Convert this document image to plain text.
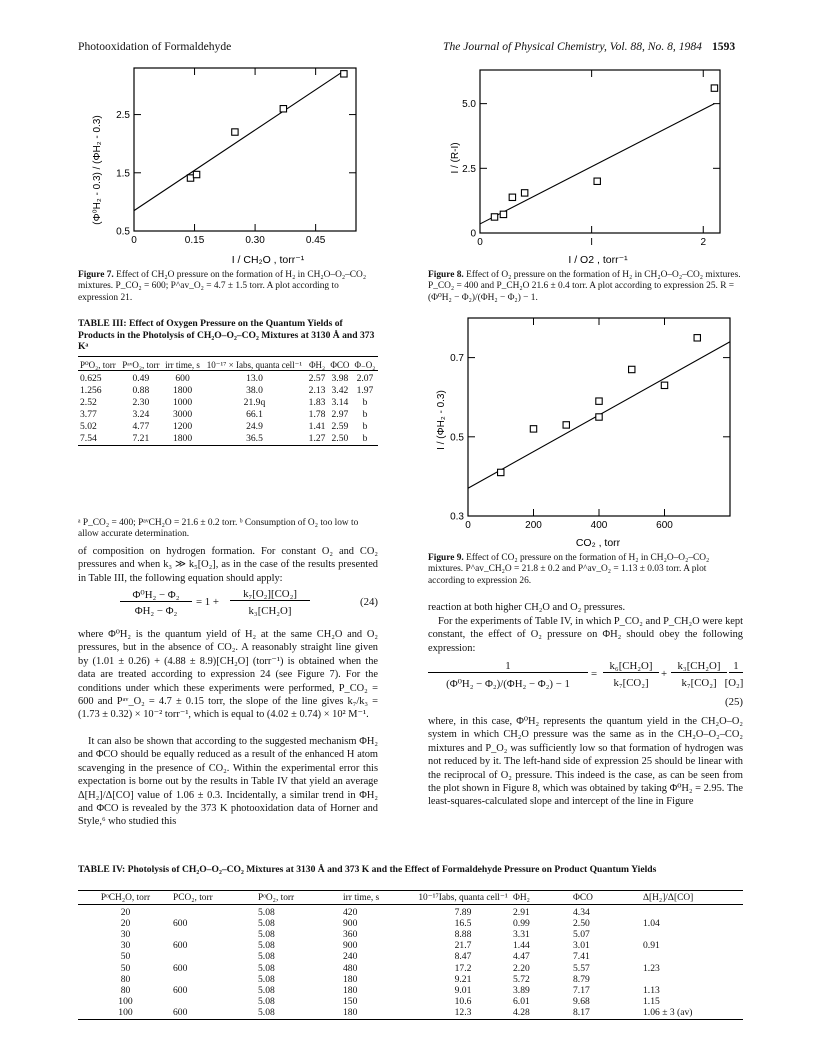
Photooxidation of Formaldehyde	The Journal of Physical Chemistry, Vol. 88, No. 8, 1984 1593
0	0.15	0.30	0.45
0.5
1.5
2.5
I / CH₂O , torr⁻¹
(Φ⁰H₂ - 0.3) / (ΦH₂ - 0.3)
Figure 7. Effect of CH₂O pressure on the formation of H₂ in CH₂O–O₂–CO₂ mixtures. P_CO₂ = 600; P^av_O₂ = 4.7 ± 1.5 torr. A plot according to expression 21.
0	I	2
0
2.5
5.0
I / O2 , torr⁻¹
I / (R-I)
Figure 8. Effect of O₂ pressure on the formation of H₂ in CH₂O–O₂–CO₂ mixtures. P_CO₂ = 400 and P_CH₂O 21.6 ± 0.4 torr. A plot according to expression 25. R = (Φ⁰H₂ − Φ₂)/(ΦH₂ − Φ₂) − 1.
0	200	400	600
0.3
0.5
0.7
CO₂ , torr
I / (ΦH₂ - 0.3)
Figure 9. Effect of CO₂ pressure on the formation of H₂ in CH₂O–O₂–CO₂ mixtures. P^av_CH₂O = 21.8 ± 0.2 and P^av_O₂ = 1.13 ± 0.03 torr. A plot according to expression 26.
TABLE III: Effect of Oxygen Pressure on the Quantum Yields of Products in the Photolysis of CH₂O–O₂–CO₂ Mixtures at 3130 Å and 373 Kᵃ
P⁰O₂, torr	PᵃᵛO₂, torr	irr time, s	10⁻¹⁷ × Iabs, quanta cell⁻¹	ΦH₂	ΦCO	Φ₋O₂
0.625	0.49	600	13.0	2.57	3.98	2.07
1.256	0.88	1800	38.0	2.13	3.42	1.97
2.52	2.30	1000	21.9q	1.83	3.14	b
3.77	3.24	3000	66.1	1.78	2.97	b
5.02	4.77	1200	24.9	1.41	2.59	b
7.54	7.21	1800	36.5	1.27	2.50	b
ᵃ P_CO₂ = 400; PᵃᵛCH₂O = 21.6 ± 0.2 torr. ᵇ Consumption of O₂ too low to allow accurate determination.
of composition on hydrogen formation. For constant O₂ and CO₂ pressures and when k₃ ≫ k₅[O₂], as in the case of the results presented in Table III, the following equation should apply:
Φ⁰H₂ − Φ₂
ΦH₂ − Φ₂
= 1 +
k₇[O₂][CO₂]
k₃[CH₂O]
(24)
where Φ⁰H₂ is the quantum yield of H₂ at the same CH₂O and O₂ pressures, but in the absence of CO₂. A reasonably straight line given by (1.01 ± 0.26) + (4.88 ± 8.9)[CH₂O] (torr⁻¹) is obtained when the data are treated according to expression 24 (see Figure 7). For the conditions under which these experiments were performed, P_CO₂ = 600 and Pᵃᵛ_O₂ = 4.7 ± 0.15 torr, the slope of the line gives k₇/k₃ = (1.73 ± 0.32) × 10⁻² torr⁻¹, which is equal to (4.02 ± 0.74) × 10² M⁻¹.
It can also be shown that according to the suggested mechanism ΦH₂ and ΦCO should be equally reduced as a result of the enhanced H atom scavenging in the presence of CO₂. Within the experimental error this expectation is borne out by the results in Table IV that yield an average Δ[H₂]/Δ[CO] value of 1.06 ± 0.3. Incidentally, a similar trend in ΦH₂ and ΦCO is revealed by the 373 K photooxidation data of Horner and Style,⁶ who studied this
reaction at both higher CH₂O and O₂ pressures.
For the experiments of Table IV, in which P_CO₂ and P_CH₂O were kept constant, the effect of O₂ pressure on ΦH₂ should obey the following expression:
1
(Φ⁰H₂ − Φ₂)/(ΦH₂ − Φ₂) − 1
=
k₆[CH₂O]
k₇[CO₂]
+
k₃[CH₂O]
k₇[CO₂]
1
[O₂]
(25)
where, in this case, Φ⁰H₂ represents the quantum yield in the CH₂O–O₂ system in which CH₂O pressure was the same as in the CH₂O–O₂–CO₂ mixtures and P_O₂ was sufficiently low so that formation of hydrogen was not reduced by it. The left-hand side of expression 25 should be linear with the reciprocal of O₂ pressure. This indeed is the case, as can be seen from the plot shown in Figure 8, which was obtained by taking Φ⁰H₂ = 2.95. The least-squares-calculated slope and intercept of the line in Figure
TABLE IV: Photolysis of CH₂O–O₂–CO₂ Mixtures at 3130 Å and 373 K and the Effect of Formaldehyde Pressure on Product Quantum Yields
PᵒCH₂O, torr	PCO₂, torr	PᵒO₂, torr	irr time, s	10⁻¹⁷Iabs, quanta cell⁻¹	ΦH₂	ΦCO	Δ[H₂]/Δ[CO]
20		5.08	420	7.89	2.91	4.34	
20	600	5.08	900	16.5	0.99	2.50	1.04
30		5.08	360	8.88	3.31	5.07	
30	600	5.08	900	21.7	1.44	3.01	0.91
50		5.08	240	8.47	4.47	7.41	
50	600	5.08	480	17.2	2.20	5.57	1.23
80		5.08	180	9.21	5.72	8.79	
80	600	5.08	180	9.01	3.89	7.17	1.13
100		5.08	150	10.6	6.01	9.68	1.15
100	600	5.08	180	12.3	4.28	8.17	1.06 ± 3 (av)
